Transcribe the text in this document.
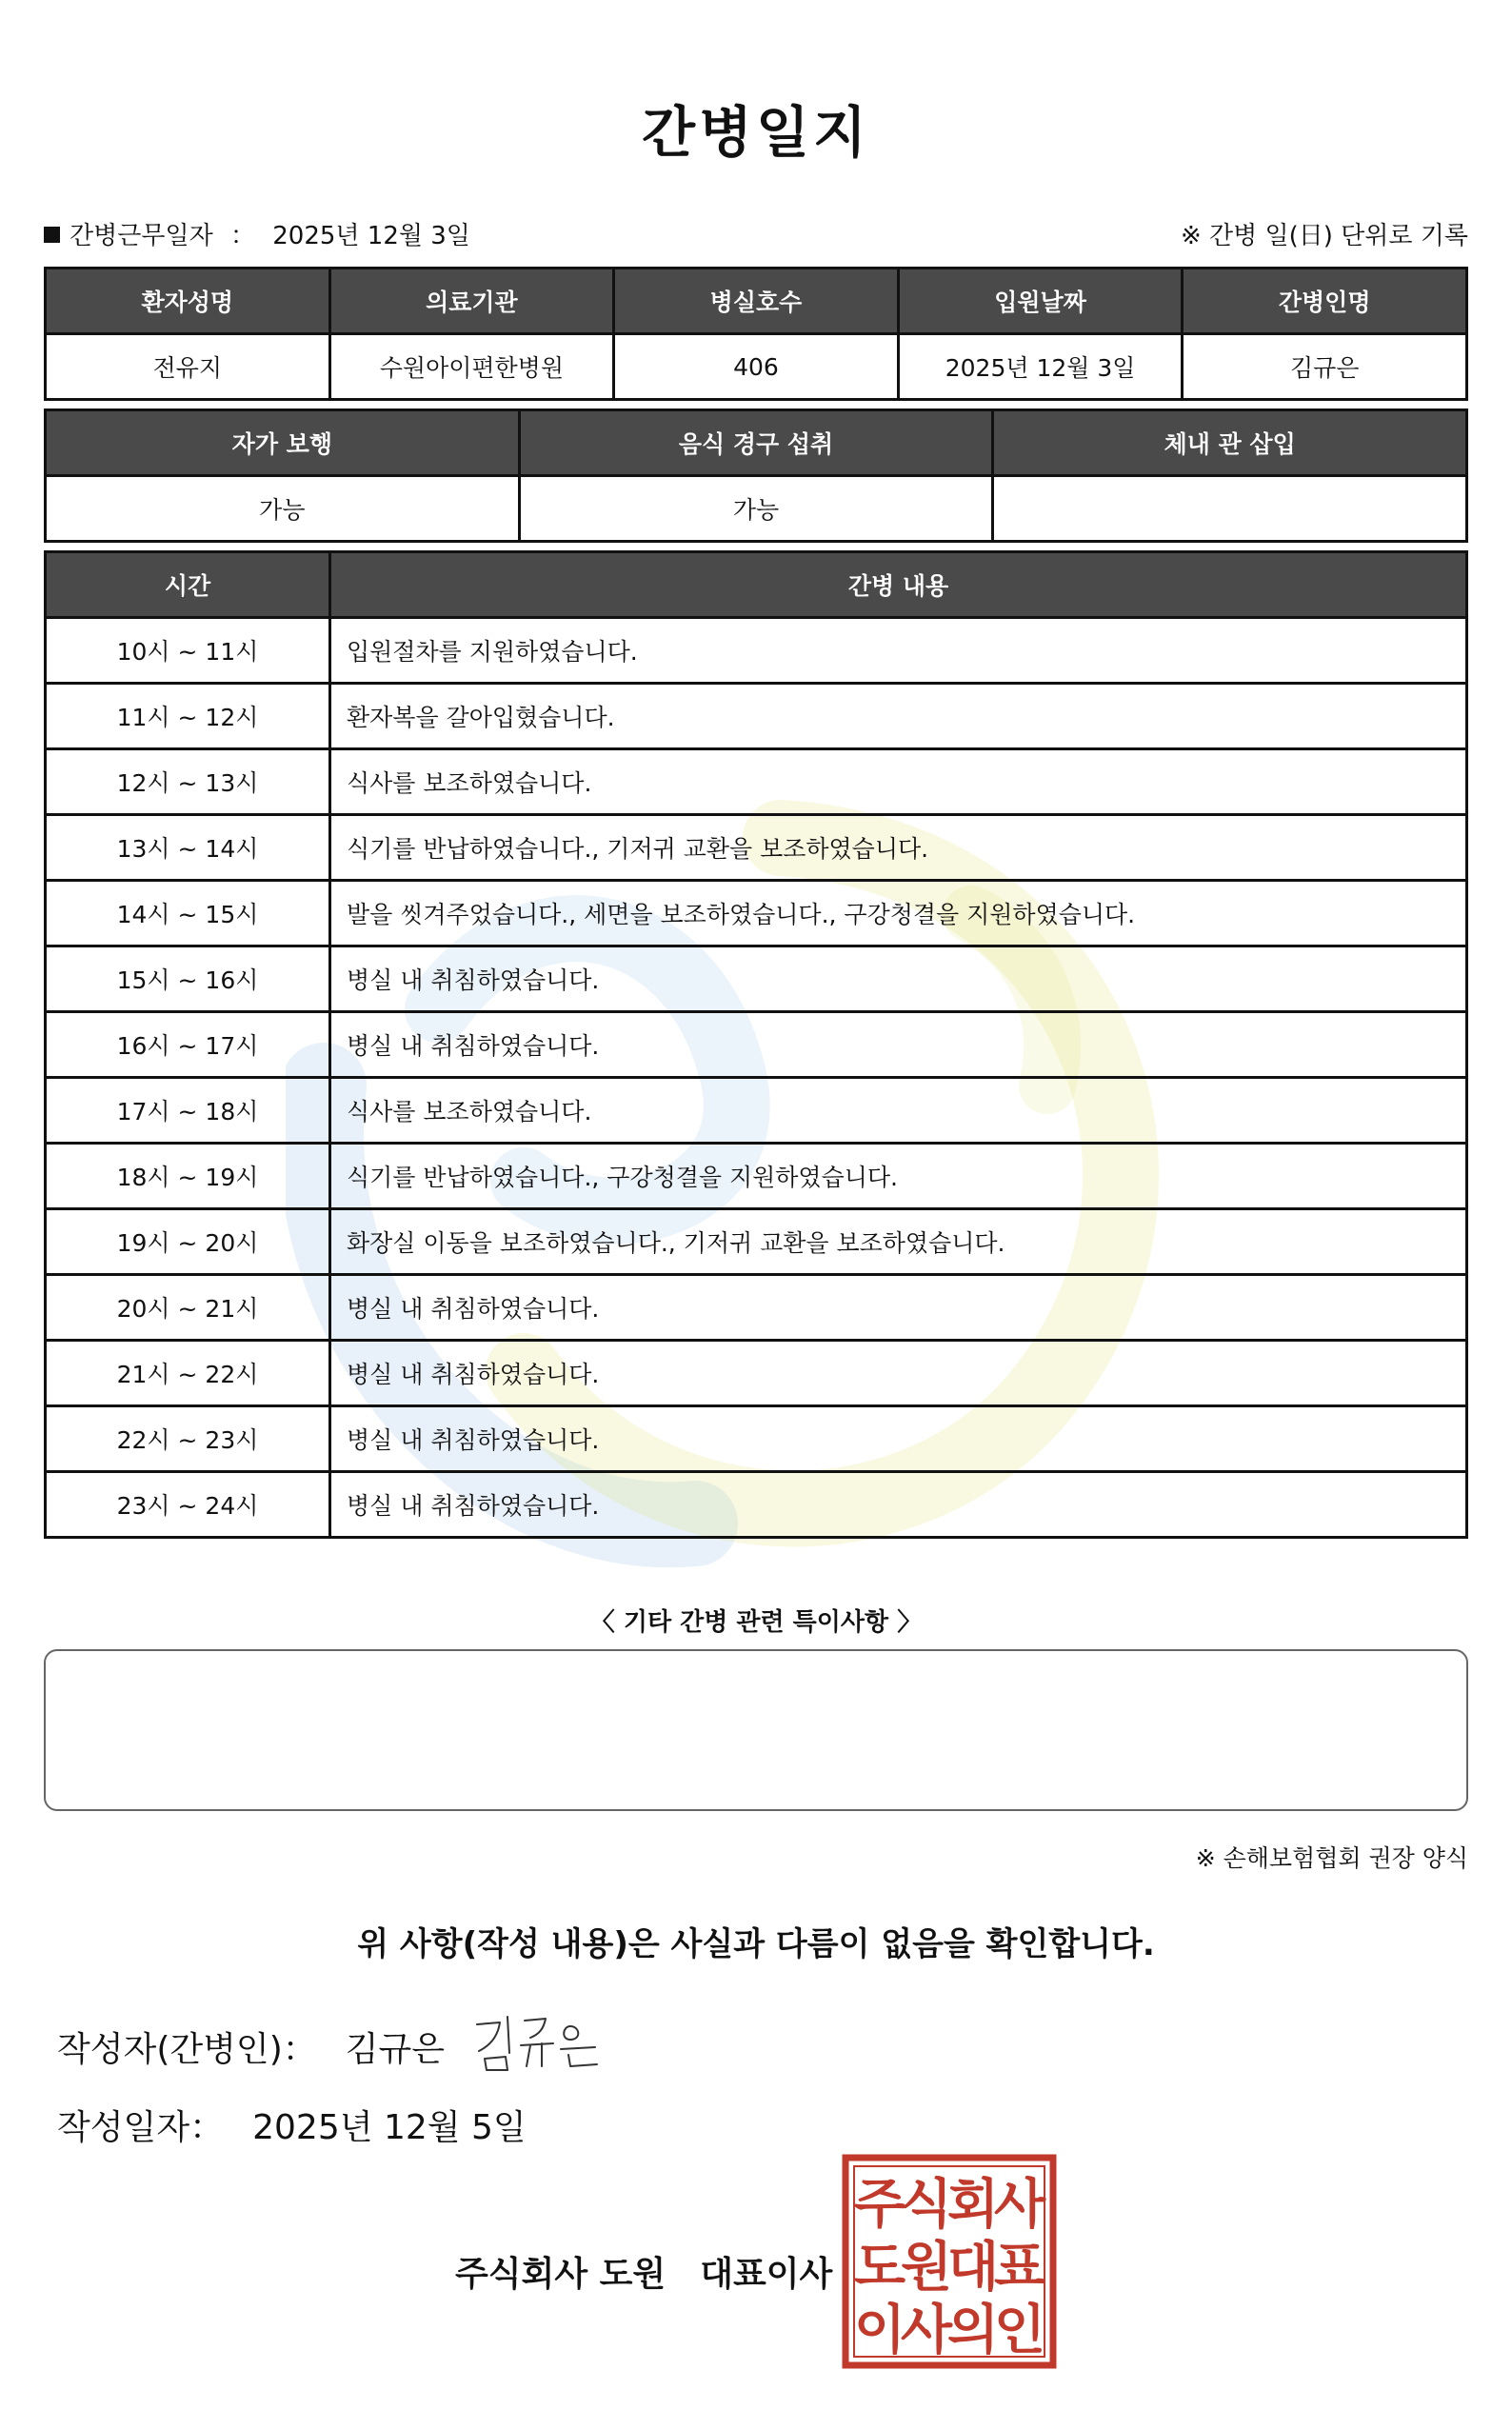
간병일지
간병근무일자 ： 2025년 12월 3일	※ 간병 일(日) 단위로 기록
환자성명	의료기관	병실호수	입원날짜	간병인명
전유지	수원아이편한병원	406	2025년 12월 3일	김규은
자가 보행	음식 경구 섭취	체내 관 삽입
가능	가능	
시간	간병 내용
10시 ~ 11시	입원절차를 지원하였습니다.
11시 ~ 12시	환자복을 갈아입혔습니다.
12시 ~ 13시	식사를 보조하였습니다.
13시 ~ 14시	식기를 반납하였습니다., 기저귀 교환을 보조하였습니다.
14시 ~ 15시	발을 씻겨주었습니다., 세면을 보조하였습니다., 구강청결을 지원하였습니다.
15시 ~ 16시	병실 내 취침하였습니다.
16시 ~ 17시	병실 내 취침하였습니다.
17시 ~ 18시	식사를 보조하였습니다.
18시 ~ 19시	식기를 반납하였습니다., 구강청결을 지원하였습니다.
19시 ~ 20시	화장실 이동을 보조하였습니다., 기저귀 교환을 보조하였습니다.
20시 ~ 21시	병실 내 취침하였습니다.
21시 ~ 22시	병실 내 취침하였습니다.
22시 ~ 23시	병실 내 취침하였습니다.
23시 ~ 24시	병실 내 취침하였습니다.
〈 기타 간병 관련 특이사항 〉
※ 손해보험협회 권장 양식
위 사항(작성 내용)은 사실과 다름이 없음을 확인합니다.
작성자(간병인)： 김규은
작성일자： 2025년 12월 5일
주식회사 도원 대표이사
주
식
회
사
도
원
대
표
이
사
의
인
